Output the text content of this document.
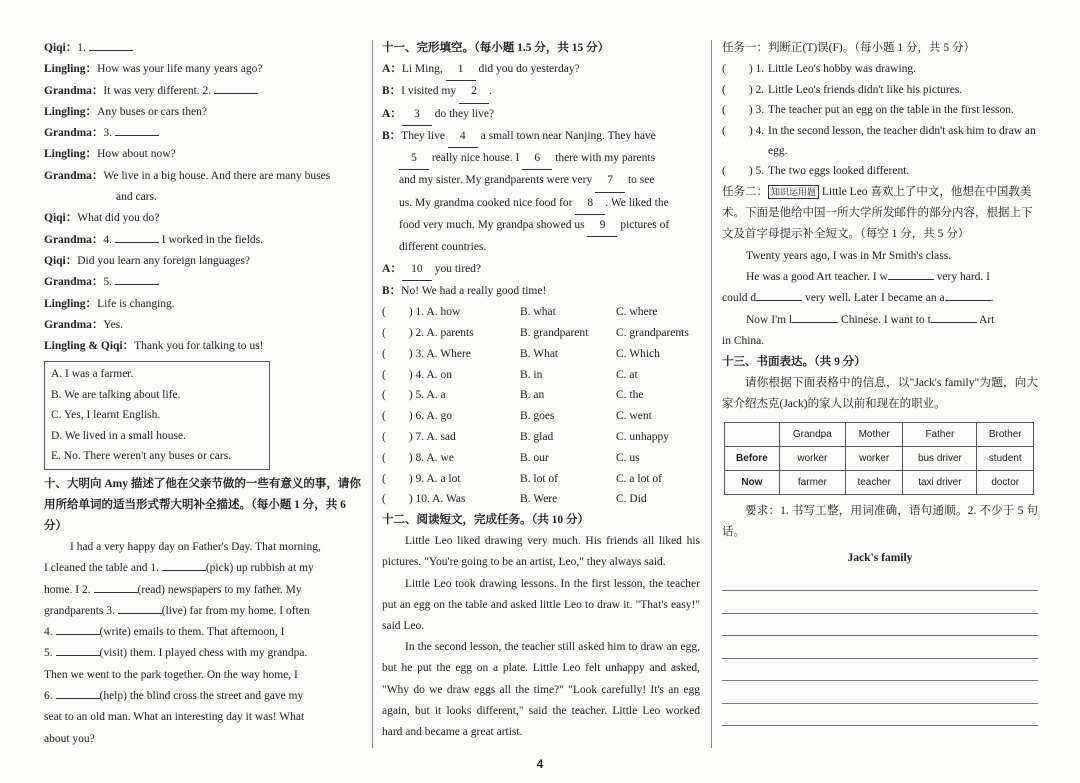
Qiqi：1.
Lingling：How was your life many years ago?
Grandma：It was very different. 2.
Lingling：Any buses or cars then?
Grandma：3.
Lingling：How about now?
Grandma：We live in a big house. And there are many buses
and cars.
Qiqi：What did you do?
Grandma：4.	I worked in the fields.
Qiqi：Did you learn any foreign languages?
Grandma：5.
Lingling：Life is changing.
Grandma：Yes.
Lingling & Qiqi：Thank you for talking to us!
A. I was a farmer.
B. We are talking about life.
C. Yes, I learnt English.
D. We lived in a small house.
E. No. There weren't any buses or cars.
十、大明向 Amy 描述了他在父亲节做的一些有意义的事，请你用所给单词的适当形式帮大明补全描述。（每小题 1 分，共 6 分）
I had a very happy day on Father's Day. That morning,
I cleaned the table and 1.	(pick) up rubbish at my
home. I 2.	(read) newspapers to my father. My
grandparents 3.	(live) far from my home. I often
4.	(write) emails to them. That afternoon, I
5.	(visit) them. I played chess with my grandpa.
Then we went to the park together. On the way home, I
6.	(help) the blind cross the street and gave my
seat to an old man. What an interesting day it was! What
about you?
十一、完形填空。（每小题 1.5 分，共 15 分）
A：Li Ming, 1 did you do yesterday?
B：I visited my 2 .
A： 3 do they live?
B：They live 4 a small town near Nanjing. They have
5 really nice house. I 6 there with my parents
and my sister. My grandparents were very 7 to see
us. My grandma cooked nice food for 8 . We liked the
food very much. My grandpa showed us 9 pictures of
different countries.
A： 10 you tired?
B：No! We had a really good time!
(　　) 1. A. how	B. what	C. where
(　　) 2. A. parents	B. grandparent	C. grandparents
(　　) 3. A. Where	B. What	C. Which
(　　) 4. A. on	B. in	C. at
(　　) 5. A. a	B. an	C. the
(　　) 6. A. go	B. goes	C. went
(　　) 7. A. sad	B. glad	C. unhappy
(　　) 8. A. we	B. our	C. us
(　　) 9. A. a lot	B. lot of	C. a lot of
(　　) 10. A. Was	B. Were	C. Did
十二、阅读短文，完成任务。（共 10 分）
Little Leo liked drawing very much. His friends all liked his pictures. "You're going to be an artist, Leo," they always said.
Little Leo took drawing lessons. In the first lesson, the teacher put an egg on the table and asked little Leo to draw it. "That's easy!" said Leo.
In the second lesson, the teacher still asked him to draw an egg, but he put the egg on a plate. Little Leo felt unhappy and asked, "Why do we draw eggs all the time?" "Look carefully! It's an egg again, but it looks different," said the teacher. Little Leo worked hard and became a great artist.
任务一：判断正(T)误(F)。（每小题 1 分，共 5 分）
(　　) 1. Little Leo's hobby was drawing.
(　　) 2. Little Leo's friends didn't like his pictures.
(　　) 3. The teacher put an egg on the table in the first lesson.
(　　) 4. In the second lesson, the teacher didn't ask him to draw an egg.
(　　) 5. The two eggs looked different.
任务二： 知识运用题 Little Leo 喜欢上了中文，他想在中国教美术。下面是他给中国一所大学所发邮件的部分内容，根据上下文及首字母提示补全短文。（每空 1 分，共 5 分）
Twenty years ago, I was in Mr Smith's class.
He was a good Art teacher. I w	very hard. I
could d	very well. Later I became an a	.
Now I'm l	Chinese. I want to t	Art
in China.
十三、书面表达。（共 9 分）
请你根据下面表格中的信息，以"Jack's family"为题，向大家介绍杰克(Jack)的家人以前和现在的职业。
	Grandpa	Mother	Father	Brother
Before	worker	worker	bus driver	student
Now	farmer	teacher	taxi driver	doctor
要求：1. 书写工整，用词准确，语句通顺。2. 不少于 5 句话。
Jack's family
4
